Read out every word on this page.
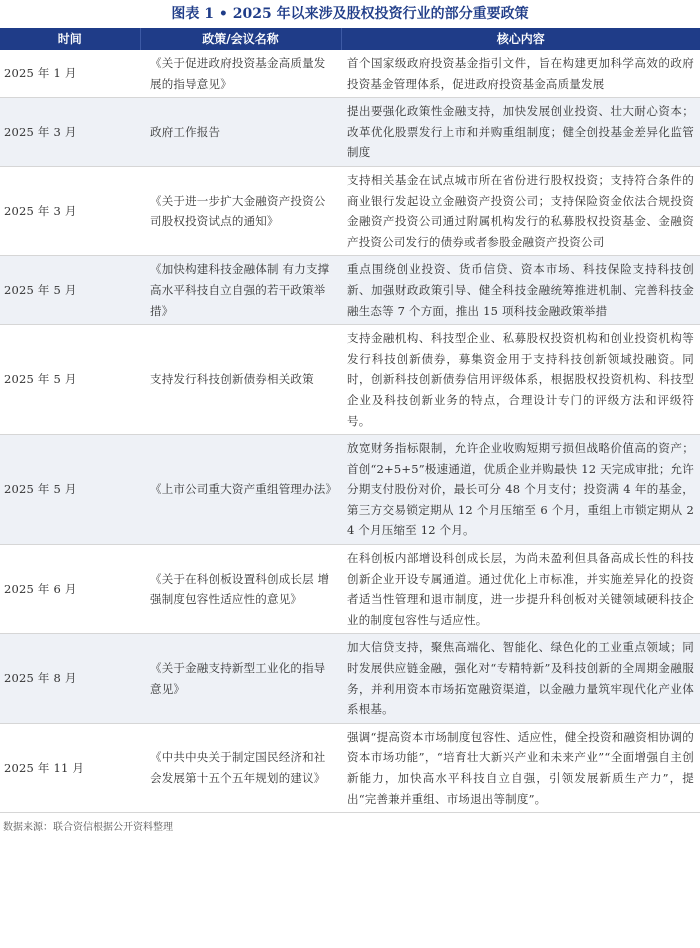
图表 1 • 2025 年以来涉及股权投资行业的部分重要政策
时间	政策/会议名称	核心内容
2025 年 1 月	《关于促进政府投资基金高质量发展的指导意见》	首个国家级政府投资基金指引文件，旨在构建更加科学高效的政府投资基金管理体系，促进政府投资基金高质量发展
2025 年 3 月	政府工作报告	提出要强化政策性金融支持，加快发展创业投资、壮大耐心资本；改革优化股票发行上市和并购重组制度；健全创投基金差异化监管制度
2025 年 3 月	《关于进一步扩大金融资产投资公司股权投资试点的通知》	支持相关基金在试点城市所在省份进行股权投资；支持符合条件的商业银行发起设立金融资产投资公司；支持保险资金依法合规投资金融资产投资公司通过附属机构发行的私募股权投资基金、金融资产投资公司发行的债券或者参股金融资产投资公司
2025 年 5 月	《加快构建科技金融体制 有力支撑高水平科技自立自强的若干政策举措》	重点围绕创业投资、货币信贷、资本市场、科技保险支持科技创新、加强财政政策引导、健全科技金融统筹推进机制、完善科技金融生态等 7 个方面，推出 15 项科技金融政策举措
2025 年 5 月	支持发行科技创新债券相关政策	支持金融机构、科技型企业、私募股权投资机构和创业投资机构等发行科技创新债券，募集资金用于支持科技创新领域投融资。同时，创新科技创新债券信用评级体系，根据股权投资机构、科技型企业及科技创新业务的特点，合理设计专门的评级方法和评级符号。
2025 年 5 月	《上市公司重大资产重组管理办法》	放宽财务指标限制，允许企业收购短期亏损但战略价值高的资产；首创“2+5+5”极速通道，优质企业并购最快 12 天完成审批；允许分期支付股份对价，最长可分 48 个月支付；投资满 4 年的基金，第三方交易锁定期从 12 个月压缩至 6 个月，重组上市锁定期从 24 个月压缩至 12 个月。
2025 年 6 月	《关于在科创板设置科创成长层 增强制度包容性适应性的意见》	在科创板内部增设科创成长层，为尚未盈利但具备高成长性的科技创新企业开设专属通道。通过优化上市标准，并实施差异化的投资者适当性管理和退市制度，进一步提升科创板对关键领域硬科技企业的制度包容性与适应性。
2025 年 8 月	《关于金融支持新型工业化的指导意见》	加大信贷支持，聚焦高端化、智能化、绿色化的工业重点领域；同时发展供应链金融，强化对“专精特新”及科技创新的全周期金融服务，并利用资本市场拓宽融资渠道，以金融力量筑牢现代化产业体系根基。
2025 年 11 月	《中共中央关于制定国民经济和社会发展第十五个五年规划的建议》	强调“提高资本市场制度包容性、适应性，健全投资和融资相协调的资本市场功能”，“培育壮大新兴产业和未来产业”“全面增强自主创新能力，加快高水平科技自立自强，引领发展新质生产力”，提出“完善兼并重组、市场退出等制度”。
数据来源：联合资信根据公开资料整理
